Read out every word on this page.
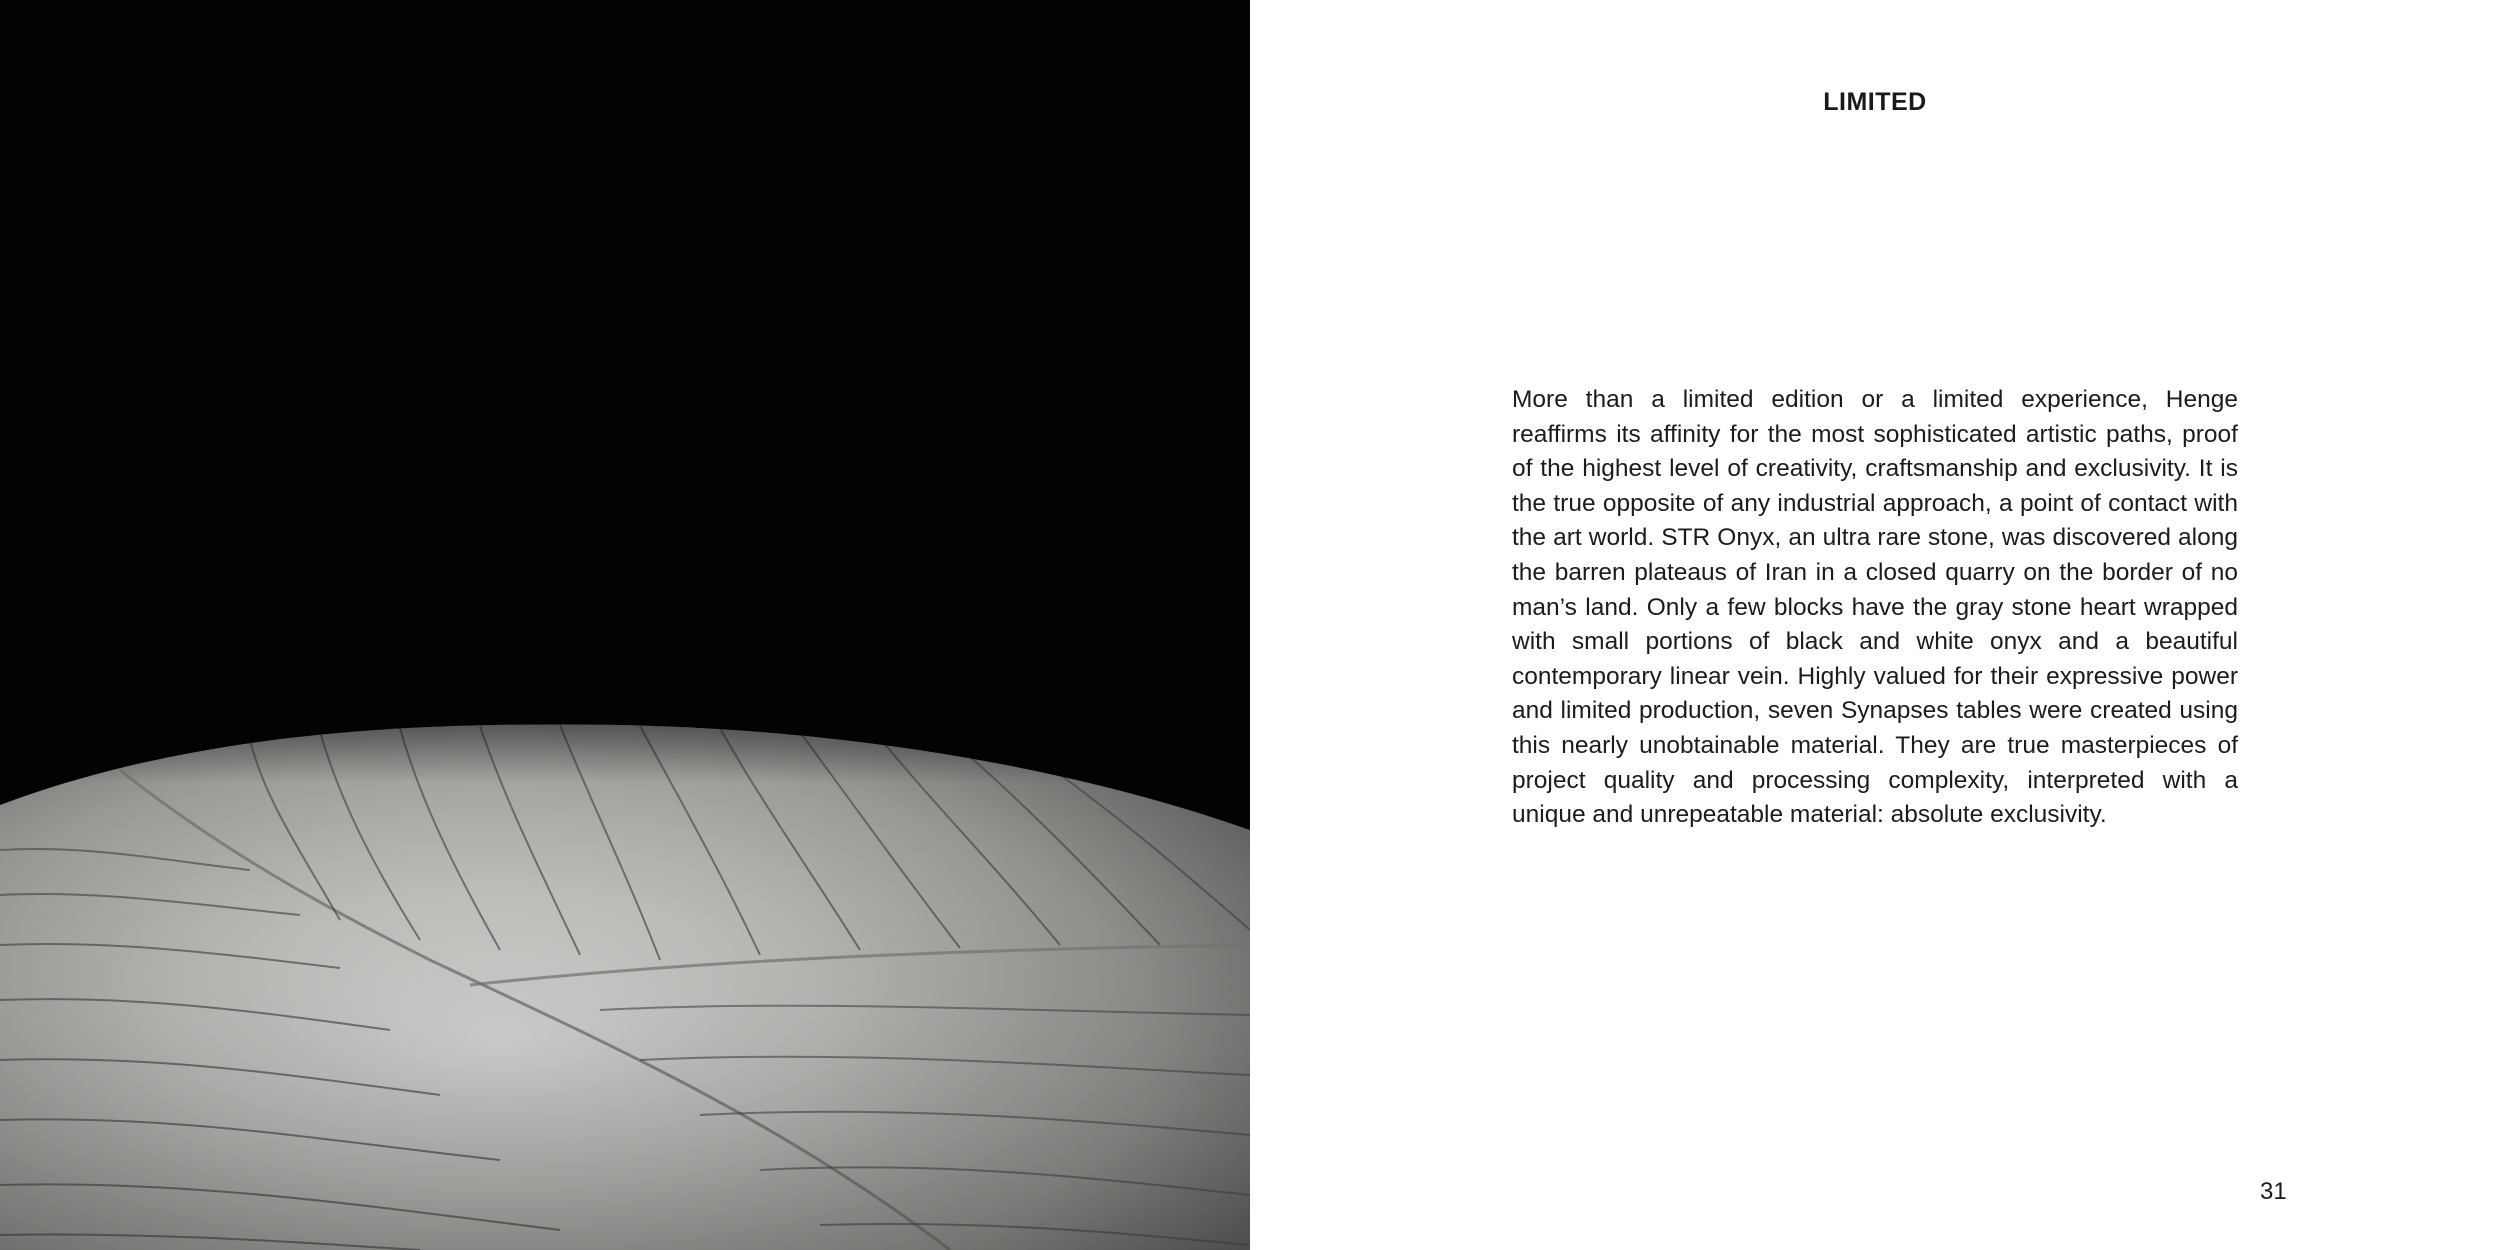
LIMITED

More than a limited edition or a limited experience, Henge reaffirms its affinity for the most sophisticated artistic paths, proof of the highest level of creativity, craftsmanship and exclusivity. It is the true opposite of any industrial approach, a point of contact with the art world. STR Onyx, an ultra rare stone, was discovered along the barren plateaus of Iran in a closed quarry on the border of no man’s land. Only a few blocks have the gray stone heart wrapped with small portions of black and white onyx and a beautiful contemporary linear vein. Highly valued for their expressive power and limited production, seven Synapses tables were created using this nearly unobtainable material. They are true masterpieces of project quality and processing complexity, interpreted with a unique and unrepeatable material: absolute exclusivity.

31
